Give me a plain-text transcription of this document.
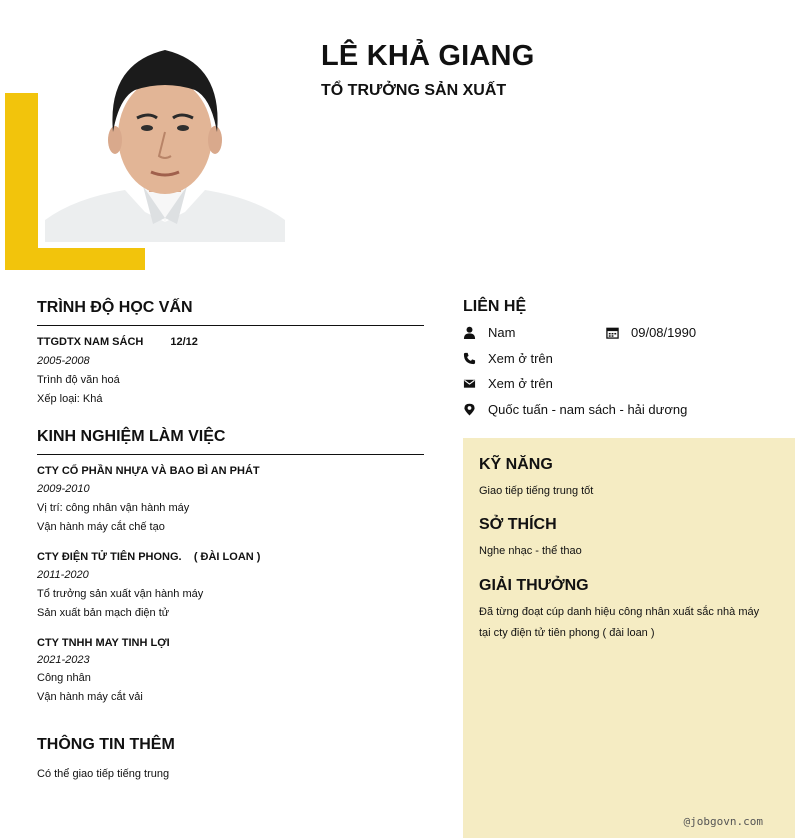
LÊ KHẢ GIANG
TỔ TRƯỞNG SẢN XUẤT
TRÌNH ĐỘ HỌC VẤN
TTGDTX NAM SÁCH 12/12
2005-2008
Trình độ văn hoá
Xếp loại: Khá
KINH NGHIỆM LÀM VIỆC
CTY CỔ PHẦN NHỰA VÀ BAO BÌ AN PHÁT
2009-2010
Vị trí: công nhân vận hành máy
Vận hành máy cắt chế tạo
CTY ĐIỆN TỬ TIÊN PHONG.    ( ĐÀI LOAN )
2011-2020
Tổ trưởng sản xuất vận hành máy
Sản xuất bản mạch điện tử
CTY TNHH MAY TINH LỢI
2021-2023
Công nhân
Vận hành máy cắt vải
THÔNG TIN THÊM
Có thể giao tiếp tiếng trung
LIÊN HỆ
Nam	09/08/1990
Xem ở trên
Xem ở trên
Quốc tuấn - nam sách - hải dương
KỸ NĂNG
Giao tiếp tiếng trung tốt
SỞ THÍCH
Nghe nhạc - thể thao
GIẢI THƯỞNG
Đã từng đoạt cúp danh hiệu công nhân xuất sắc nhà máy tại cty điện tử tiên phong ( đài loan )
@jobgovn.com
